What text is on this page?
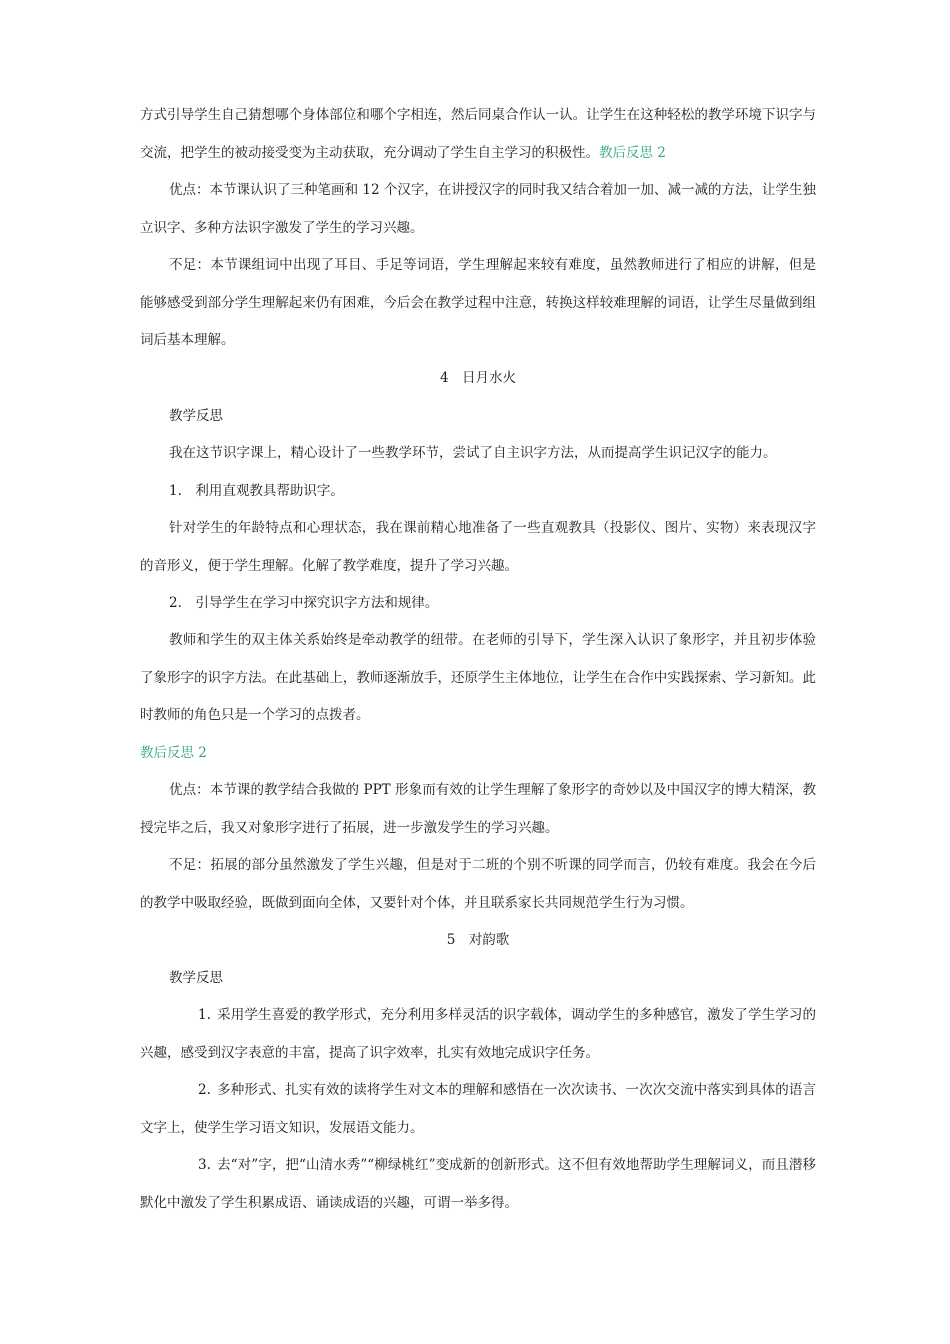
方式引导学生自己猜想哪个身体部位和哪个字相连，然后同桌合作认一认。让学生在这种轻松的教学环境下识字与交流，把学生的被动接受变为主动获取，充分调动了学生自主学习的积极性。教后反思 2

优点：本节课认识了三种笔画和 12 个汉字，在讲授汉字的同时我又结合着加一加、减一减的方法，让学生独立识字、多种方法识字激发了学生的学习兴趣。

不足：本节课组词中出现了耳目、手足等词语，学生理解起来较有难度，虽然教师进行了相应的讲解，但是能够感受到部分学生理解起来仍有困难，今后会在教学过程中注意，转换这样较难理解的词语，让学生尽量做到组词后基本理解。

4　日月水火

教学反思

我在这节识字课上，精心设计了一些教学环节，尝试了自主识字方法，从而提高学生识记汉字的能力。

1.　利用直观教具帮助识字。

针对学生的年龄特点和心理状态，我在课前精心地准备了一些直观教具（投影仪、图片、实物）来表现汉字的音形义，便于学生理解。化解了教学难度，提升了学习兴趣。

2.　引导学生在学习中探究识字方法和规律。

教师和学生的双主体关系始终是牵动教学的纽带。在老师的引导下，学生深入认识了象形字，并且初步体验了象形字的识字方法。在此基础上，教师逐渐放手，还原学生主体地位，让学生在合作中实践探索、学习新知。此时教师的角色只是一个学习的点拨者。

教后反思 2

优点：本节课的教学结合我做的 PPT 形象而有效的让学生理解了象形字的奇妙以及中国汉字的博大精深，教授完毕之后，我又对象形字进行了拓展，进一步激发学生的学习兴趣。

不足：拓展的部分虽然激发了学生兴趣，但是对于二班的个别不听课的同学而言，仍较有难度。我会在今后的教学中吸取经验，既做到面向全体，又要针对个体，并且联系家长共同规范学生行为习惯。

5　对韵歌

教学反思

1. 采用学生喜爱的教学形式，充分利用多样灵活的识字载体，调动学生的多种感官，激发了学生学习的兴趣，感受到汉字表意的丰富，提高了识字效率，扎实有效地完成识字任务。

2. 多种形式、扎实有效的读将学生对文本的理解和感悟在一次次读书、一次次交流中落实到具体的语言文字上，使学生学习语文知识，发展语文能力。

3. 去“对”字，把“山清水秀”“柳绿桃红”变成新的创新形式。这不但有效地帮助学生理解词义，而且潜移默化中激发了学生积累成语、诵读成语的兴趣，可谓一举多得。
